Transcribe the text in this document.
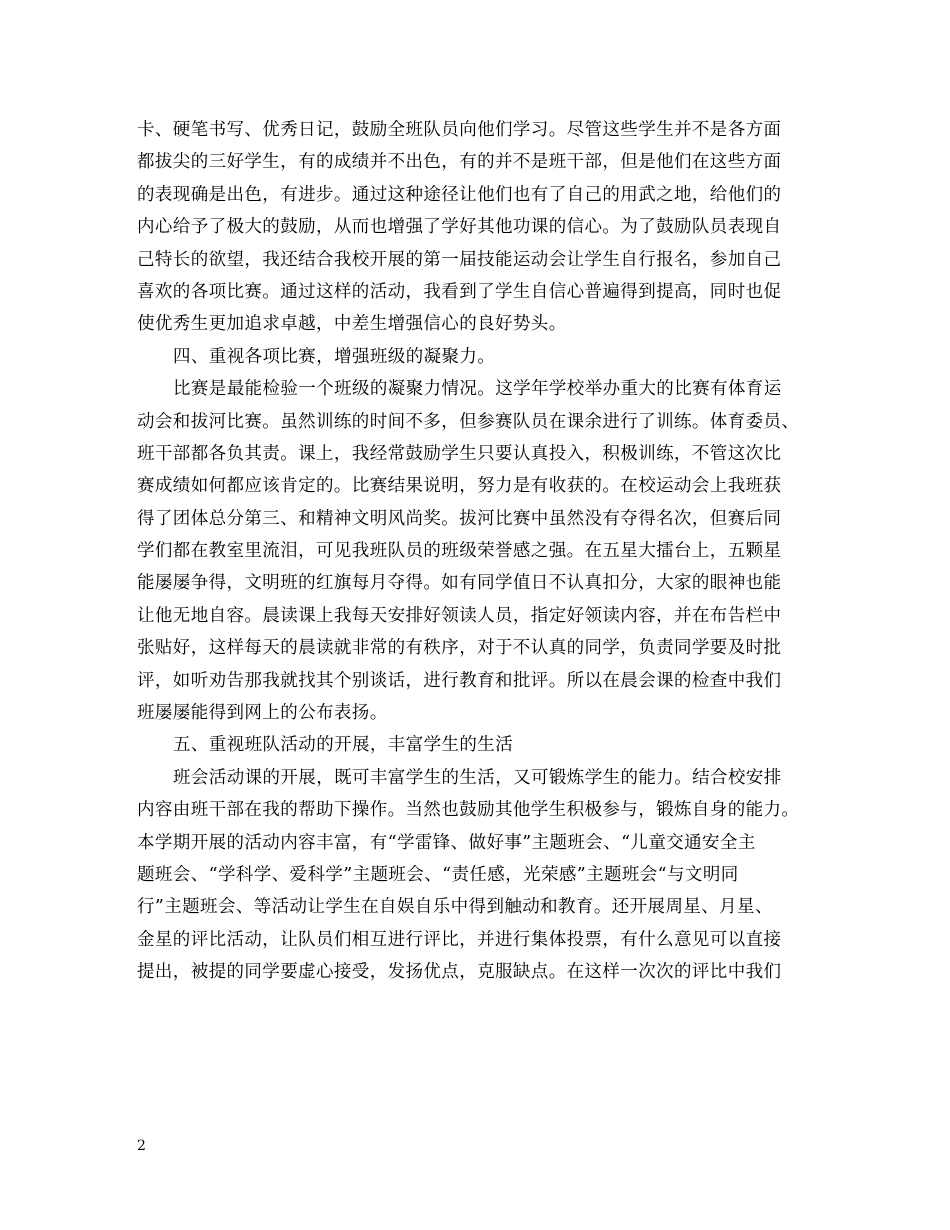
卡、硬笔书写、优秀日记，鼓励全班队员向他们学习。尽管这些学生并不是各方面
都拔尖的三好学生，有的成绩并不出色，有的并不是班干部，但是他们在这些方面
的表现确是出色，有进步。通过这种途径让他们也有了自己的用武之地，给他们的
内心给予了极大的鼓励，从而也增强了学好其他功课的信心。为了鼓励队员表现自
己特长的欲望，我还结合我校开展的第一届技能运动会让学生自行报名，参加自己
喜欢的各项比赛。通过这样的活动，我看到了学生自信心普遍得到提高，同时也促
使优秀生更加追求卓越，中差生增强信心的良好势头。
四、重视各项比赛，增强班级的凝聚力。
比赛是最能检验一个班级的凝聚力情况。这学年学校举办重大的比赛有体育运
动会和拔河比赛。虽然训练的时间不多，但参赛队员在课余进行了训练。体育委员、
班干部都各负其责。课上，我经常鼓励学生只要认真投入，积极训练，不管这次比
赛成绩如何都应该肯定的。比赛结果说明，努力是有收获的。在校运动会上我班获
得了团体总分第三、和精神文明风尚奖。拔河比赛中虽然没有夺得名次，但赛后同
学们都在教室里流泪，可见我班队员的班级荣誉感之强。在五星大擂台上，五颗星
能屡屡争得，文明班的红旗每月夺得。如有同学值日不认真扣分，大家的眼神也能
让他无地自容。晨读课上我每天安排好领读人员，指定好领读内容，并在布告栏中
张贴好，这样每天的晨读就非常的有秩序，对于不认真的同学，负责同学要及时批
评，如听劝告那我就找其个别谈话，进行教育和批评。所以在晨会课的检查中我们
班屡屡能得到网上的公布表扬。
五、重视班队活动的开展，丰富学生的生活
班会活动课的开展，既可丰富学生的生活，又可锻炼学生的能力。结合校安排
内容由班干部在我的帮助下操作。当然也鼓励其他学生积极参与，锻炼自身的能力。
本学期开展的活动内容丰富，有“学雷锋、做好事”主题班会、“儿童交通安全主
题班会、“学科学、爱科学”主题班会、“责任感，光荣感”主题班会“与文明同
行”主题班会、等活动让学生在自娱自乐中得到触动和教育。还开展周星、月星、
金星的评比活动，让队员们相互进行评比，并进行集体投票，有什么意见可以直接
提出，被提的同学要虚心接受，发扬优点，克服缺点。在这样一次次的评比中我们
2
